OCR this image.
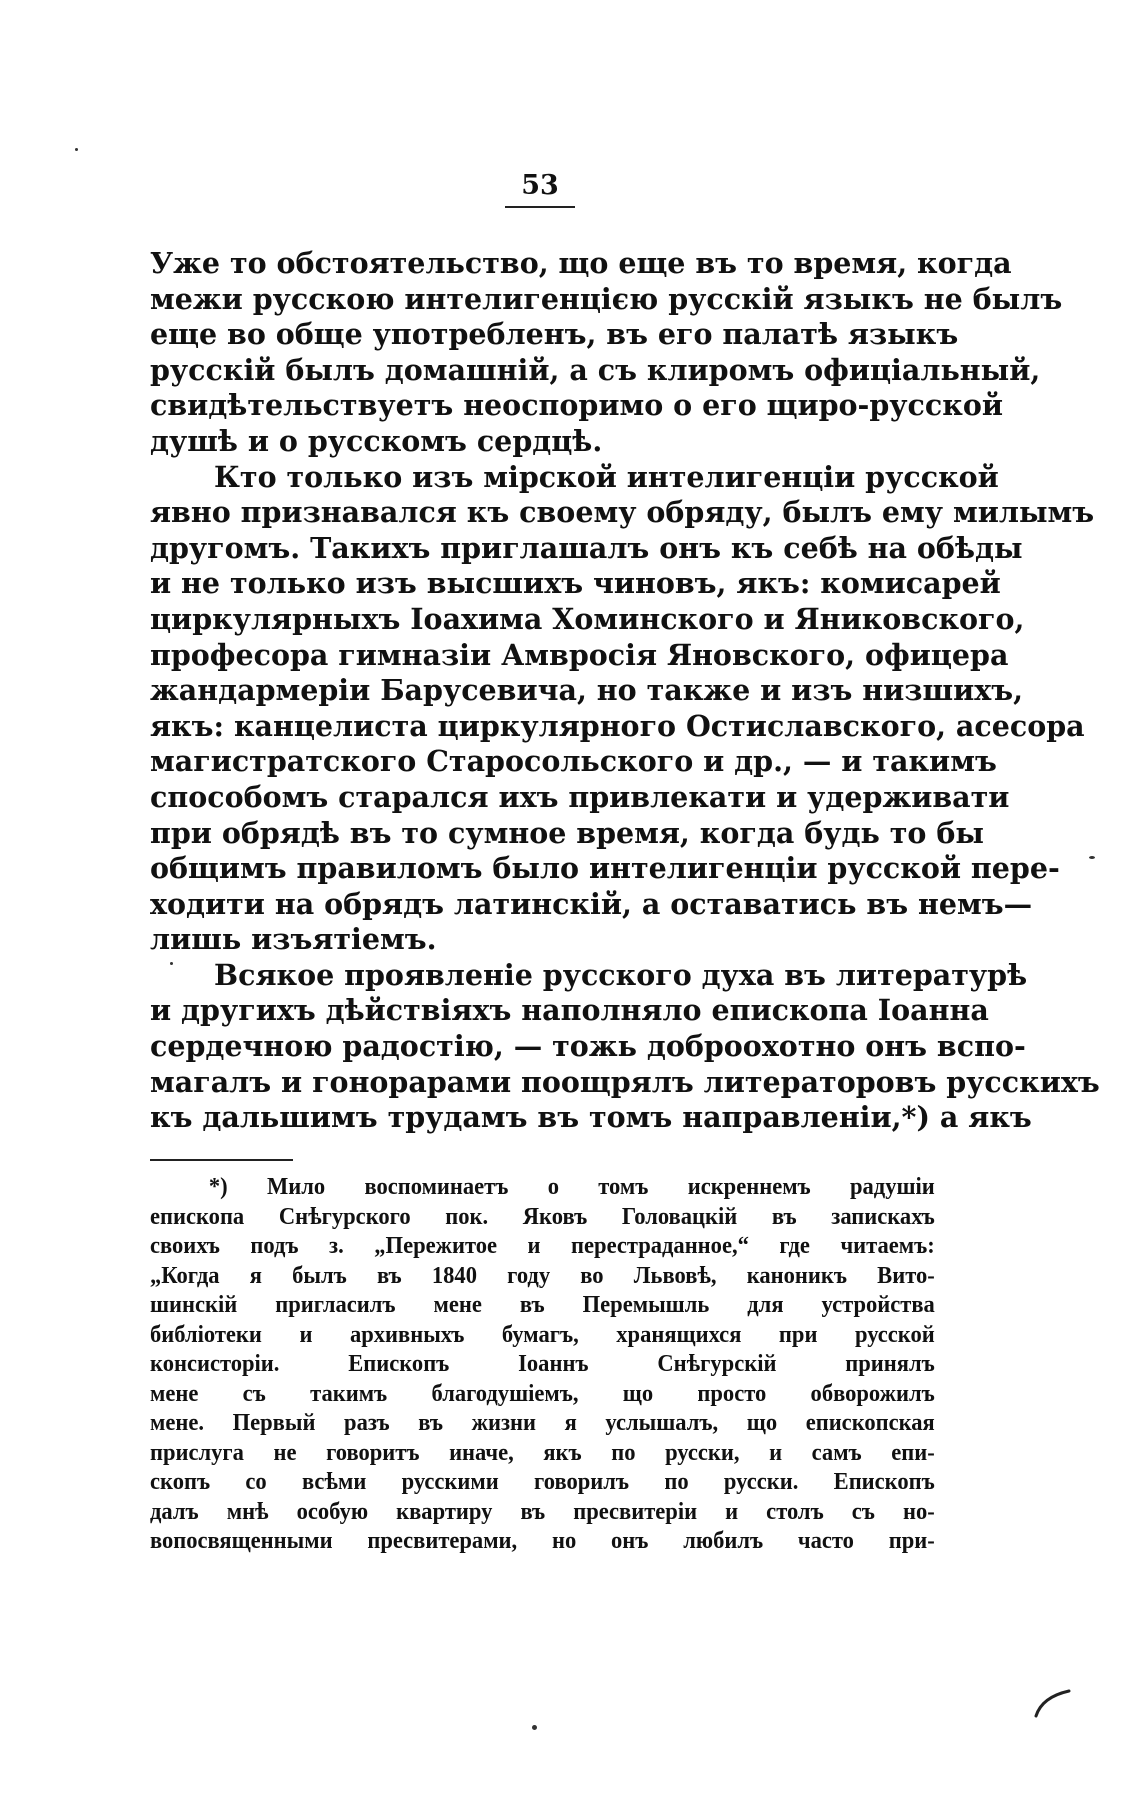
53
Уже то обстоятельство, що еще въ то время, когда
межи русскою интелигенцією русскій языкъ не былъ
еще во обще употребленъ, въ его палатѣ языкъ
русскій былъ домашній, а съ клиромъ офиціальный,
свидѣтельствуетъ неоспоримо о его щиро-русской
душѣ и о русскомъ сердцѣ.
Кто только изъ мірской интелигенціи русской
явно признавался къ своему обряду, былъ ему милымъ
другомъ. Такихъ приглашалъ онъ къ себѣ на обѣды
и не только изъ высшихъ чиновъ, якъ: комисарей
циркулярныхъ Іоахима Хоминского и Яниковского,
професора гимназіи Амвросія Яновского, офицера
жандармеріи Барусевича, но также и изъ низшихъ,
якъ: канцелиста циркулярного Остиславского, асесора
магистратского Старосольского и др., — и такимъ
способомъ старался ихъ привлекати и удерживати
при обрядѣ въ то сумное время, когда будь то бы
общимъ правиломъ было интелигенціи русской пере-
ходити на обрядъ латинскій, а оставатись въ немъ—
лишь изъятіемъ.
Всякое проявленіе русского духа въ литературѣ
и другихъ дѣйствіяхъ наполняло епископа Іоанна
сердечною радостію, — тожь доброохотно онъ вспо-
магалъ и гонорарами поощрялъ литераторовъ русскихъ
къ дальшимъ трудамъ въ томъ направленіи,*) а якъ
*) Мило воспоминаетъ о томъ искреннемъ радушіи
епископа Снѣгурского пок. Яковъ Головацкій въ запискахъ
своихъ подъ з. „Пережитое и перестраданное,“ где читаемъ:
„Когда я былъ въ 1840 году во Львовѣ, каноникъ Вито-
шинскій пригласилъ мене въ Перемышль для устройства
библіотеки и архивныхъ бумагъ, хранящихся при русской
консисторіи. Епископъ Іоаннъ Снѣгурскій принялъ
мене съ такимъ благодушіемъ, що просто обворожилъ
мене. Первый разъ въ жизни я услышалъ, що епископская
прислуга не говоритъ иначе, якъ по русски, и самъ епи-
скопъ со всѣми русскими говорилъ по русски. Епископъ
далъ мнѣ особую квартиру въ пресвитеріи и столъ съ но-
вопосвященными пресвитерами, но онъ любилъ часто при-
